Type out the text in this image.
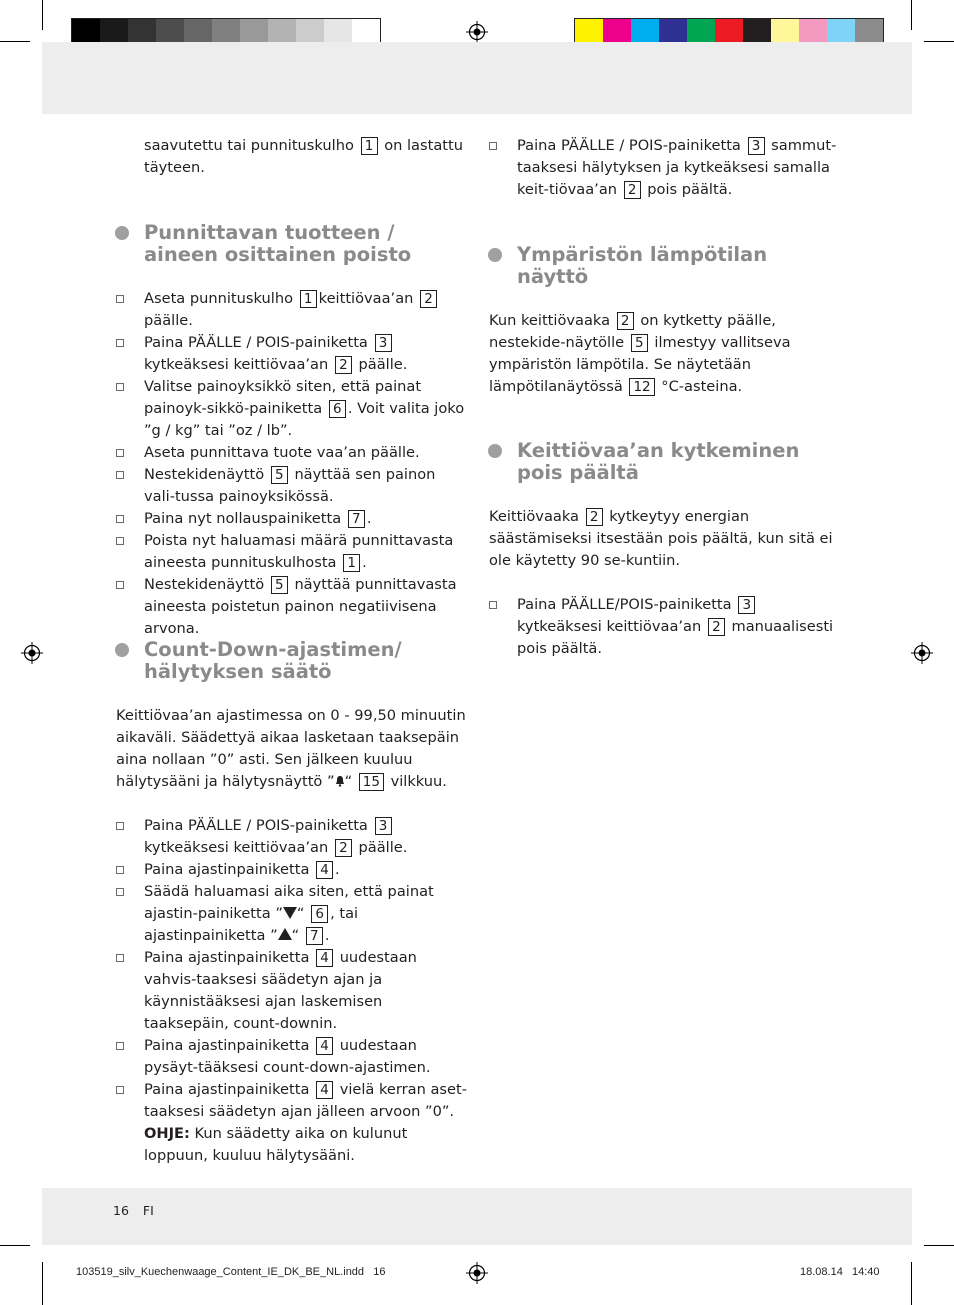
saavutettu tai punnituskulho 1 on lastattu täyteen.

Punnittavan tuotteen / aineen osittainen poisto
Aseta punnituskulho 1 keittiövaa’an 2 päälle.
Paina PÄÄLLE / POIS-painiketta 3 kytkeäksesi keittiövaa’an 2 päälle.
Valitse painoyksikkö siten, että painat painoyk-sikkö-painiketta 6 . Voit valita joko ”g / kg” tai ”oz / lb”.
Aseta punnittava tuote vaa’an päälle.
Nestekidenäyttö 5 näyttää sen painon vali-tussa painoyksikössä.
Paina nyt nollauspainiketta 7 .
Poista nyt haluamasi määrä punnittavasta aineesta punnituskulhosta 1 .
Nestekidenäyttö 5 näyttää punnittavasta aineesta poistetun painon negatiivisena arvona.
Count-Down-ajastimen/ hälytyksen säätö

Keittiövaa’an ajastimessa on 0 - 99,50 minuutin aikaväli. Säädettyä aikaa lasketaan taaksepäin aina nollaan ”0” asti. Sen jälkeen kuuluu hälytysääni ja hälytysnäyttö ” “ 15 vilkkuu.

Paina PÄÄLLE / POIS-painiketta 3 kytkeäksesi keittiövaa’an 2 päälle.
Paina ajastinpainiketta 4 .
Säädä haluamasi aika siten, että painat ajastin-painiketta ” “ 6 , tai ajastinpainiketta ” “ 7 .
Paina ajastinpainiketta 4 uudestaan vahvis-taaksesi säädetyn ajan ja käynnistääksesi ajan laskemisen taaksepäin, count-downin.
Paina ajastinpainiketta 4 uudestaan pysäyt-tääksesi count-down-ajastimen.
Paina ajastinpainiketta 4 vielä kerran aset-taaksesi säädetyn ajan jälleen arvoon ”0”. OHJE: Kun säädetty aika on kulunut loppuun, kuuluu hälytysääni.
Paina PÄÄLLE / POIS-painiketta 3 sammut-taaksesi hälytyksen ja kytkeäksesi samalla keit-tiövaa’an 2 pois päältä.
Ympäristön lämpötilan näyttö

Kun keittiövaaka 2 on kytketty päälle, nestekide-näytölle 5 ilmestyy vallitseva ympäristön lämpötila. Se näytetään lämpötilanäytössä 12 °C-asteina.

Keittiövaa’an kytkeminen pois päältä

Keittiövaaka 2 kytkeytyy energian säästämiseksi itsestään pois päältä, kun sitä ei ole käytetty 90 se-kuntiin.

Paina PÄÄLLE/POIS-painiketta 3 kytkeäksesi keittiövaa’an 2 manuaalisesti pois päältä.
16 FI
103519_silv_Kuechenwaage_Content_IE_DK_BE_NL.indd   16	18.08.14   14:40
